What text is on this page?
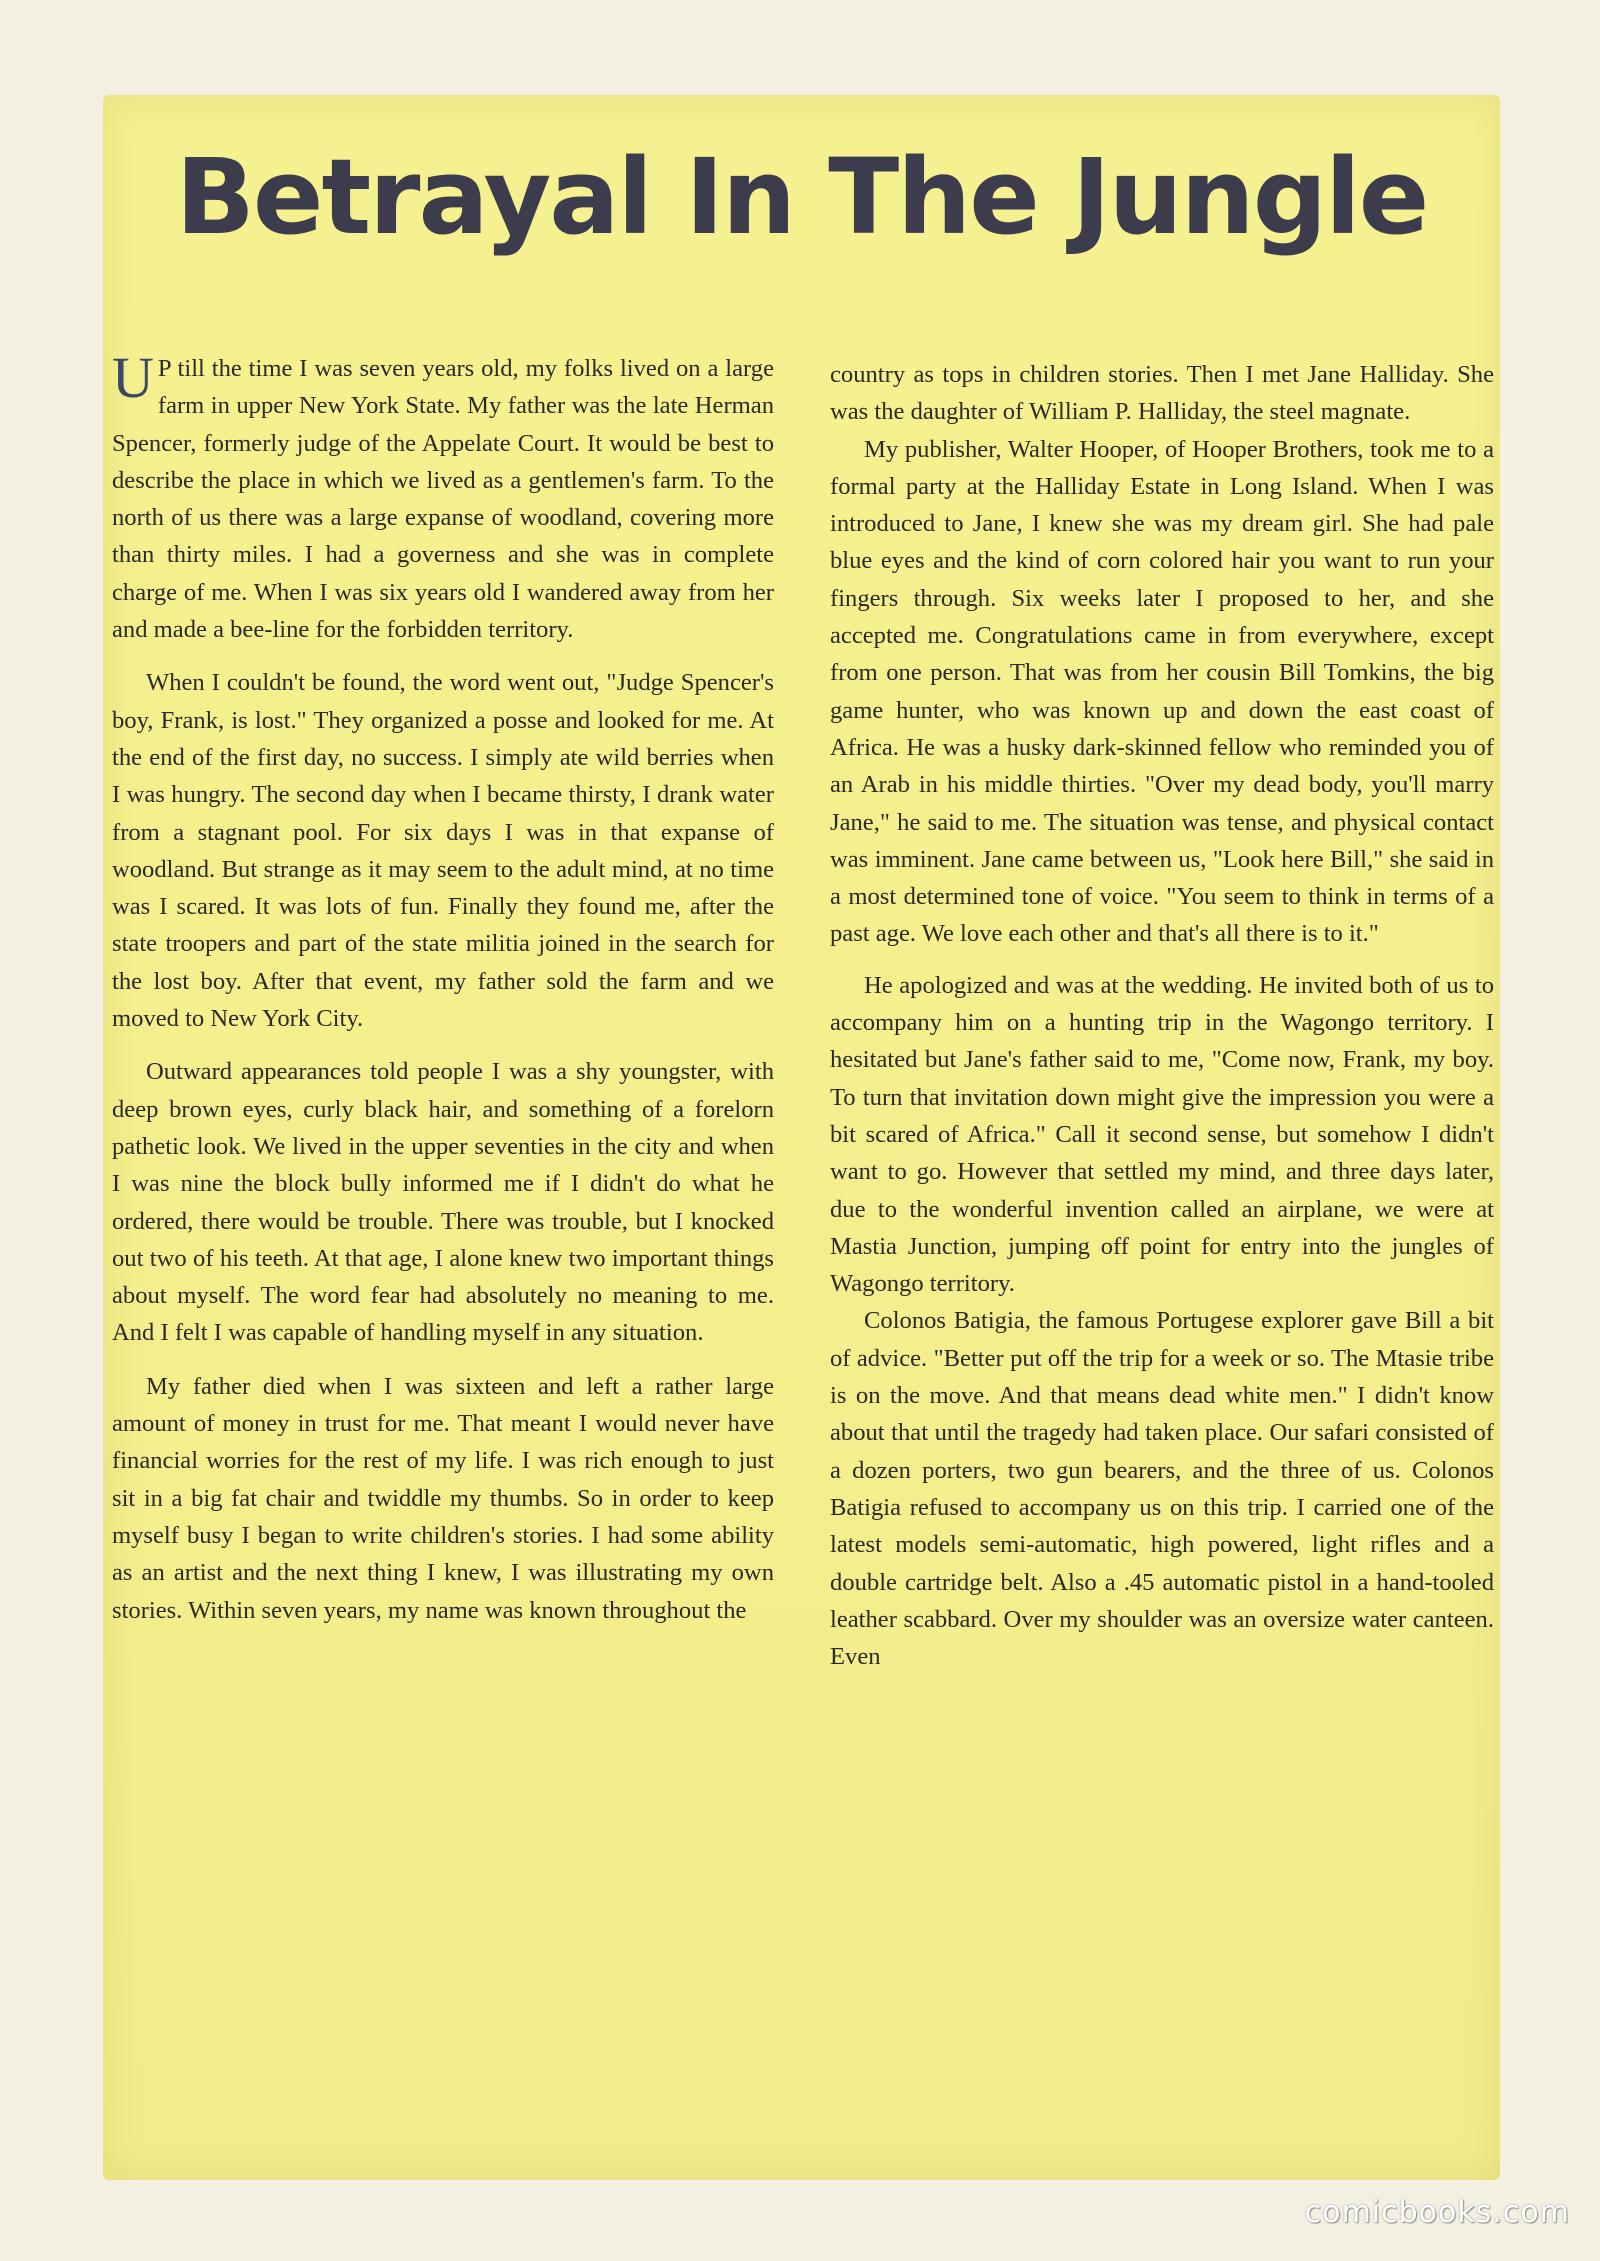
Betrayal In The Jungle

U P till the time I was seven years old, my folks lived on a large farm in upper New York State. My father was the late Herman Spencer, formerly judge of the Appelate Court. It would be best to describe the place in which we lived as a gentlemen's farm. To the north of us there was a large expanse of woodland, covering more than thirty miles. I had a governess and she was in complete charge of me. When I was six years old I wandered away from her and made a bee-line for the forbidden territory.

When I couldn't be found, the word went out, "Judge Spencer's boy, Frank, is lost." They organized a posse and looked for me. At the end of the first day, no success. I simply ate wild berries when I was hungry. The second day when I became thirsty, I drank water from a stagnant pool. For six days I was in that expanse of woodland. But strange as it may seem to the adult mind, at no time was I scared. It was lots of fun. Finally they found me, after the state troopers and part of the state militia joined in the search for the lost boy. After that event, my father sold the farm and we moved to New York City.

Outward appearances told people I was a shy youngster, with deep brown eyes, curly black hair, and something of a forelorn pathetic look. We lived in the upper seventies in the city and when I was nine the block bully informed me if I didn't do what he ordered, there would be trouble. There was trouble, but I knocked out two of his teeth. At that age, I alone knew two important things about myself. The word fear had absolutely no meaning to me. And I felt I was capable of handling myself in any situation.

My father died when I was sixteen and left a rather large amount of money in trust for me. That meant I would never have financial worries for the rest of my life. I was rich enough to just sit in a big fat chair and twiddle my thumbs. So in order to keep myself busy I began to write children's stories. I had some ability as an artist and the next thing I knew, I was illustrating my own stories. Within seven years, my name was known throughout the

country as tops in children stories. Then I met Jane Halliday. She was the daughter of William P. Halliday, the steel magnate.

My publisher, Walter Hooper, of Hooper Brothers, took me to a formal party at the Halliday Estate in Long Island. When I was introduced to Jane, I knew she was my dream girl. She had pale blue eyes and the kind of corn colored hair you want to run your fingers through. Six weeks later I proposed to her, and she accepted me. Congratulations came in from everywhere, except from one person. That was from her cousin Bill Tomkins, the big game hunter, who was known up and down the east coast of Africa. He was a husky dark-skinned fellow who reminded you of an Arab in his middle thirties. "Over my dead body, you'll marry Jane," he said to me. The situation was tense, and physical contact was imminent. Jane came between us, "Look here Bill," she said in a most determined tone of voice. "You seem to think in terms of a past age. We love each other and that's all there is to it."

He apologized and was at the wedding. He invited both of us to accompany him on a hunting trip in the Wagongo territory. I hesitated but Jane's father said to me, "Come now, Frank, my boy. To turn that invitation down might give the impression you were a bit scared of Africa." Call it second sense, but somehow I didn't want to go. However that settled my mind, and three days later, due to the wonderful invention called an airplane, we were at Mastia Junction, jumping off point for entry into the jungles of Wagongo territory.

Colonos Batigia, the famous Portugese explorer gave Bill a bit of advice. "Better put off the trip for a week or so. The Mtasie tribe is on the move. And that means dead white men." I didn't know about that until the tragedy had taken place. Our safari consisted of a dozen porters, two gun bearers, and the three of us. Colonos Batigia refused to accompany us on this trip. I carried one of the latest models semi-automatic, high powered, light rifles and a double cartridge belt. Also a .45 automatic pistol in a hand-tooled leather scabbard. Over my shoulder was an oversize water canteen. Even

comicbooks.com
